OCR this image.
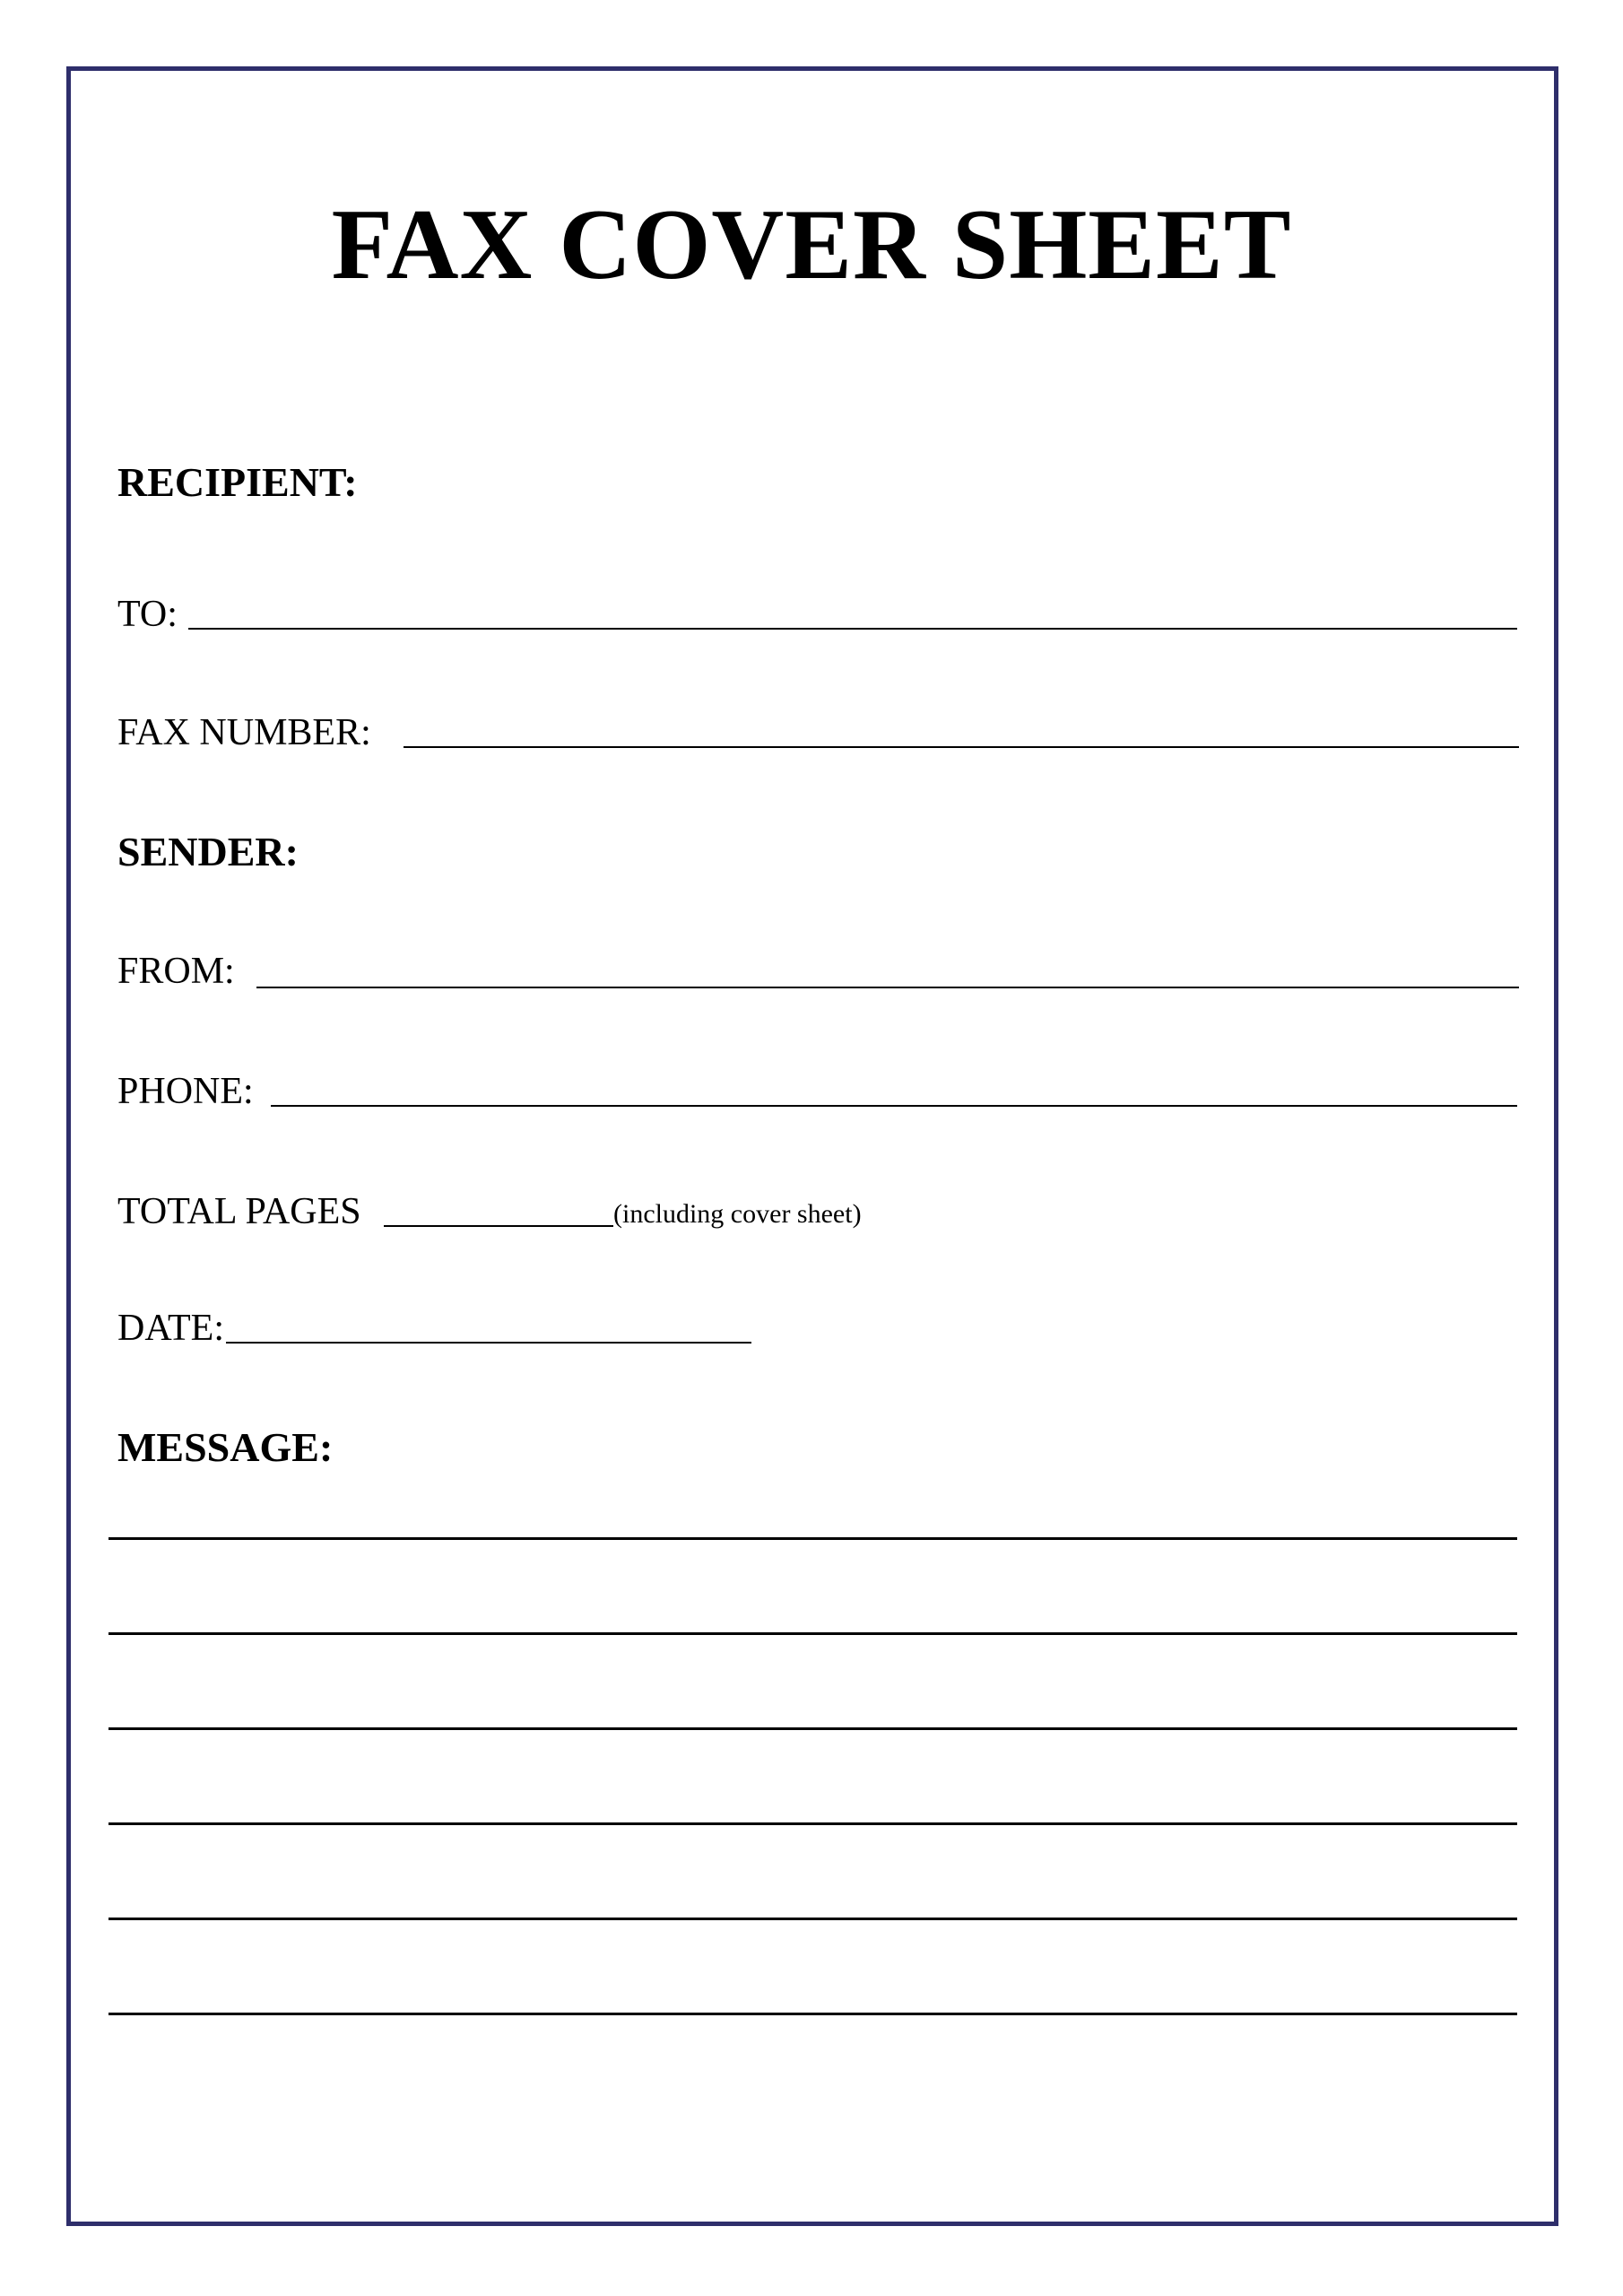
FAX COVER SHEET
RECIPIENT:
TO:
FAX NUMBER:
SENDER:
FROM:
PHONE:
TOTAL PAGES	(including cover sheet)
DATE:
MESSAGE:
